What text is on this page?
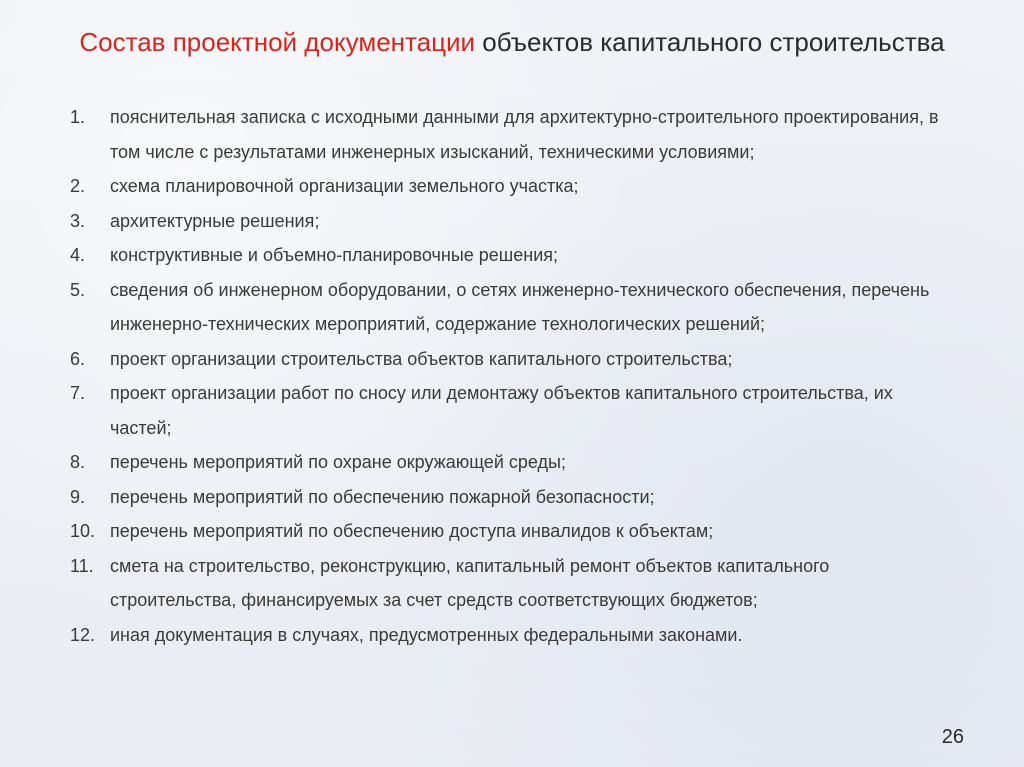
Состав проектной документации объектов капитального строительства
1.	пояснительная записка с исходными данными для архитектурно-строительного проектирования, в том числе с результатами инженерных изысканий, техническими условиями;
2.	схема планировочной организации земельного участка;
3.	архитектурные решения;
4.	конструктивные и объемно-планировочные решения;
5.	сведения об инженерном оборудовании, о сетях инженерно-технического обеспечения, перечень инженерно-технических мероприятий, содержание технологических решений;
6.	проект организации строительства объектов капитального строительства;
7.	проект организации работ по сносу или демонтажу объектов капитального строительства, их частей;
8.	перечень мероприятий по охране окружающей среды;
9.	перечень мероприятий по обеспечению пожарной безопасности;
10. перечень мероприятий по обеспечению доступа инвалидов к объектам;
11. смета на строительство, реконструкцию, капитальный ремонт объектов капитального строительства, финансируемых за счет средств соответствующих бюджетов;
12. иная документация в случаях, предусмотренных федеральными законами.
26
